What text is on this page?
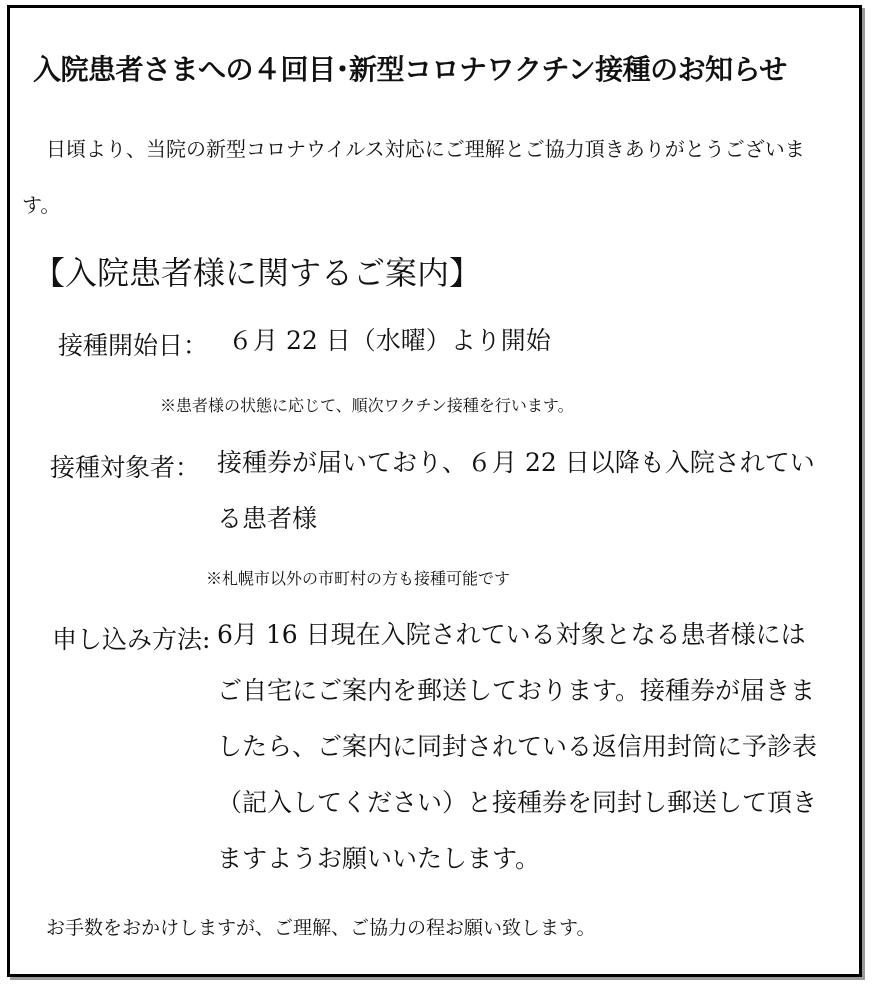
入院患者さまへの４回目･新型コロナワクチン接種のお知らせ
日頃より、当院の新型コロナウイルス対応にご理解とご協力頂きありがとうございます。
【入院患者様に関するご案内】
接種開始日： ６月 22 日（水曜）より開始
※患者様の状態に応じて、順次ワクチン接種を行います。
接種対象者： 接種券が届いており、６月 22 日以降も入院されている患者様
※札幌市以外の市町村の方も接種可能です
申し込み方法: 6月 16 日現在入院されている対象となる患者様にはご自宅にご案内を郵送しております。接種券が届きましたら、ご案内に同封されている返信用封筒に予診表（記入してください）と接種券を同封し郵送して頂きますようお願いいたします。
お手数をおかけしますが、ご理解、ご協力の程お願い致します。
